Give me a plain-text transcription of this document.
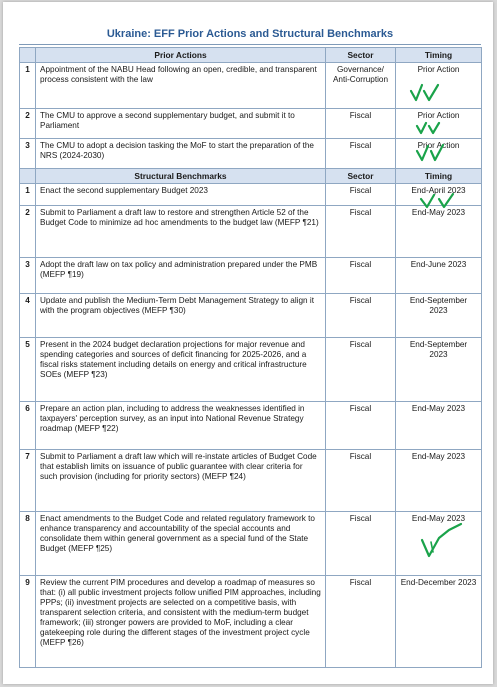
Ukraine: EFF Prior Actions and Structural Benchmarks
	Prior Actions	Sector	Timing
1	Appointment of the NABU Head following an open, credible, and transparent process consistent with the law	Governance/ Anti-Corruption	Prior Action
2	The CMU to approve a second supplementary budget, and submit it to Parliament	Fiscal	Prior Action
3	The CMU to adopt a decision tasking the MoF to start the preparation of the NRS (2024-2030)	Fiscal	Prior Action
	Structural Benchmarks	Sector	Timing
1	Enact the second supplementary Budget 2023	Fiscal	End-April 2023
2	Submit to Parliament a draft law to restore and strengthen Article 52 of the Budget Code to minimize ad hoc amendments to the budget law (MEFP ¶21)	Fiscal	End-May 2023
3	Adopt the draft law on tax policy and administration prepared under the PMB (MEFP ¶19)	Fiscal	End-June 2023
4	Update and publish the Medium-Term Debt Management Strategy to align it with the program objectives (MEFP ¶30)	Fiscal	End-September 2023
5	Present in the 2024 budget declaration projections for major revenue and spending categories and sources of deficit financing for 2025-2026, and a fiscal risks statement including details on energy and critical infrastructure SOEs (MEFP ¶23)	Fiscal	End-September 2023
6	Prepare an action plan, including to address the weaknesses identified in taxpayers' perception survey, as an input into National Revenue Strategy roadmap (MEFP ¶22)	Fiscal	End-May 2023
7	Submit to Parliament a draft law which will re-instate articles of Budget Code that establish limits on issuance of public guarantee with clear criteria for such provision (including for priority sectors) (MEFP ¶24)	Fiscal	End-May 2023
8	Enact amendments to the Budget Code and related regulatory framework to enhance transparency and accountability of the special accounts and consolidate them within general government as a special fund of the State Budget (MEFP ¶25)	Fiscal	End-May 2023
9	Review the current PIM procedures and develop a roadmap of measures so that: (i) all public investment projects follow unified PIM approaches, including PPPs; (ii) investment projects are selected on a competitive basis, with transparent selection criteria, and consistent with the medium-term budget framework; (iii) stronger powers are provided to MoF, including a clear gatekeeping role during the different stages of the investment project cycle (MEFP ¶26)	Fiscal	End-December 2023
